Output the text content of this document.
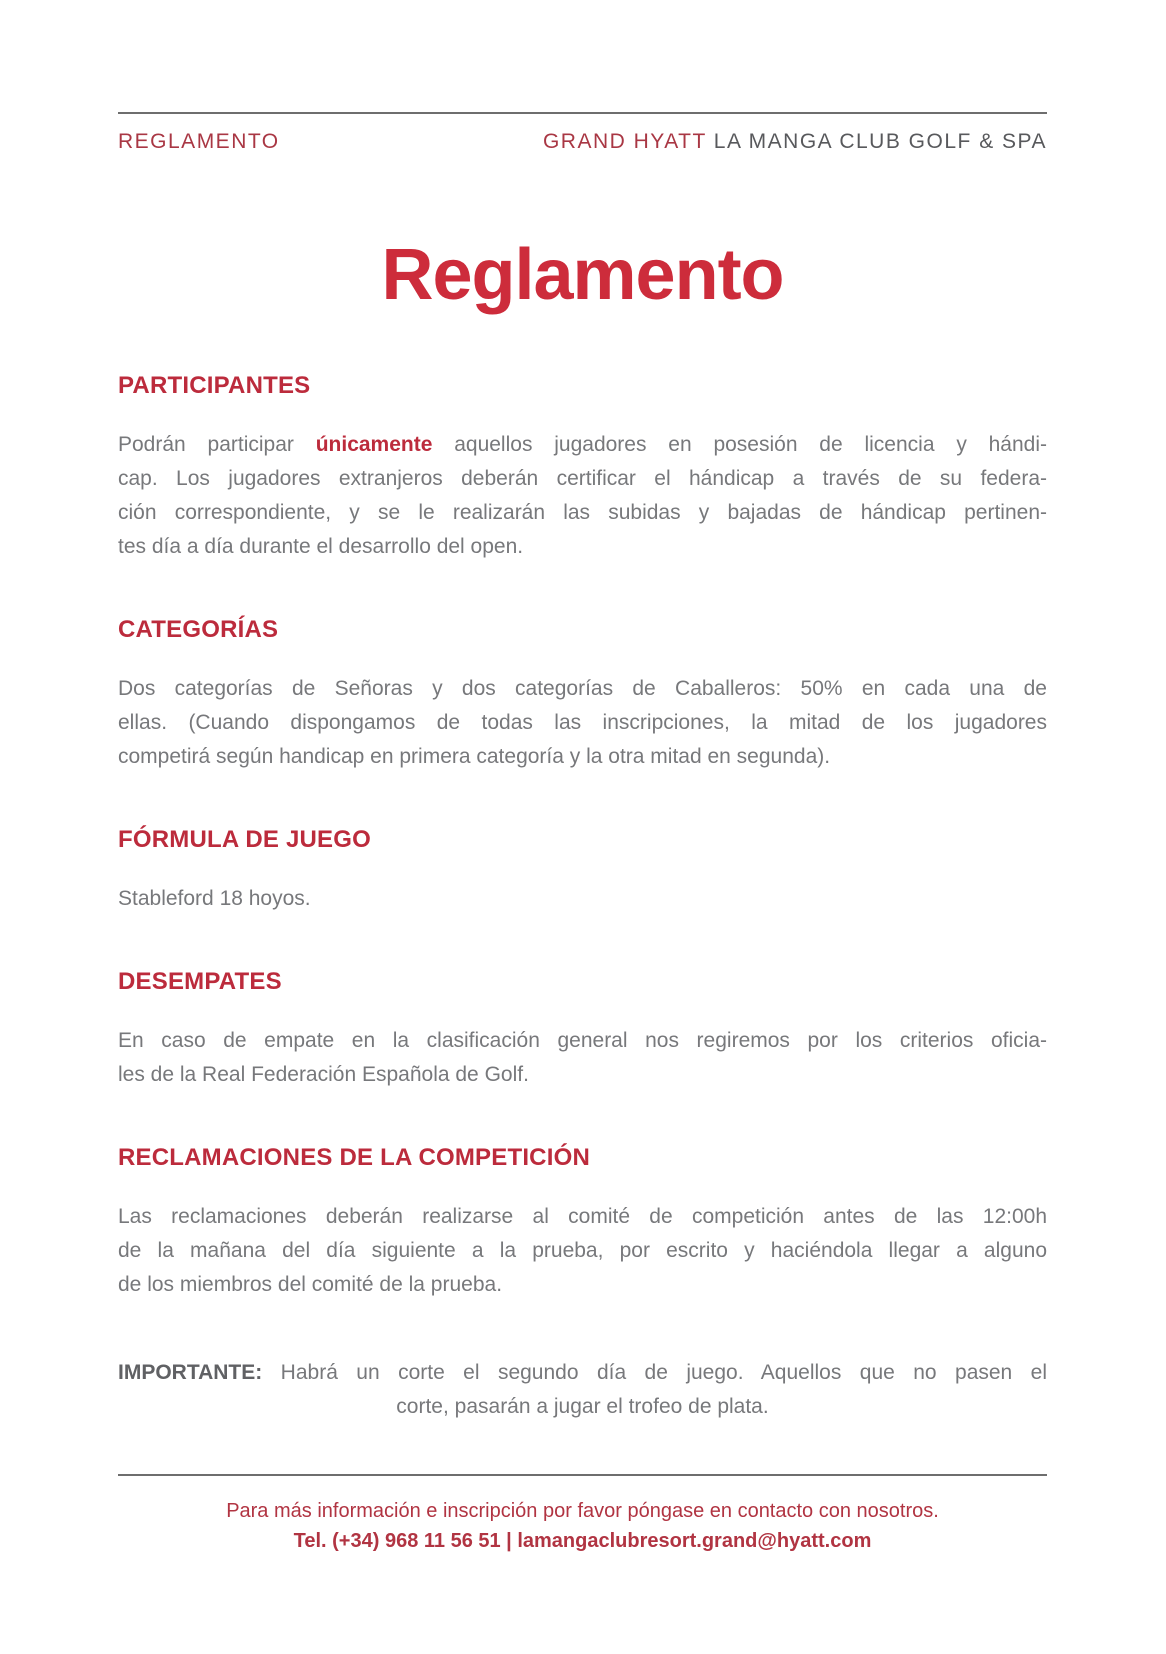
REGLAMENTO	GRAND HYATT LA MANGA CLUB GOLF & SPA
Reglamento
PARTICIPANTES
Podrán participar únicamente aquellos jugadores en posesión de licencia y hándi-
cap. Los jugadores extranjeros deberán certificar el hándicap a través de su federa-
ción correspondiente, y se le realizarán las subidas y bajadas de hándicap pertinen-
tes día a día durante el desarrollo del open.
CATEGORÍAS
Dos categorías de Señoras y dos categorías de Caballeros: 50% en cada una de
ellas. (Cuando dispongamos de todas las inscripciones, la mitad de los jugadores
competirá según handicap en primera categoría y la otra mitad en segunda).
FÓRMULA DE JUEGO
Stableford 18 hoyos.
DESEMPATES
En caso de empate en la clasificación general nos regiremos por los criterios oficia-
les de la Real Federación Española de Golf.
RECLAMACIONES DE LA COMPETICIÓN
Las reclamaciones deberán realizarse al comité de competición antes de las 12:00h
de la mañana del día siguiente a la prueba, por escrito y haciéndola llegar a alguno
de los miembros del comité de la prueba.
IMPORTANTE: Habrá un corte el segundo día de juego. Aquellos que no pasen el
corte, pasarán a jugar el trofeo de plata.
Para más información e inscripción por favor póngase en contacto con nosotros.
Tel. (+34) 968 11 56 51 | lamangaclubresort.grand@hyatt.com
